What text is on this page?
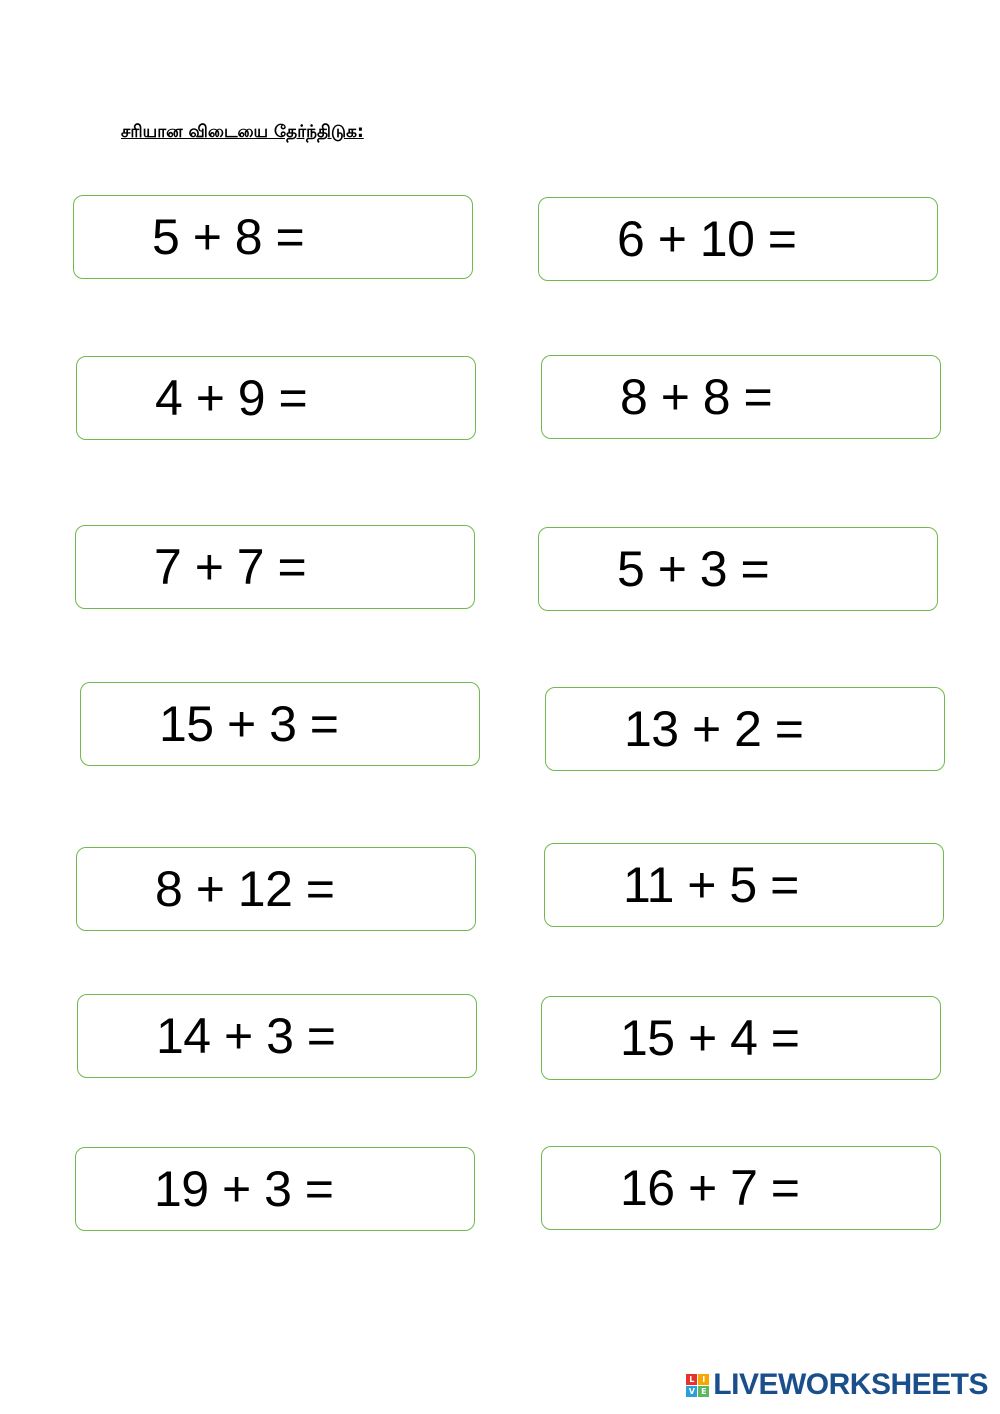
சரியான விடையை தேர்ந்திடுக:
5 + 8 =	6 + 10 =
4 + 9 =	8 + 8 =
7 + 7 =	5 + 3 =
15 + 3 =	13 + 2 =
8 + 12 =	11 + 5 =
14 + 3 =	15 + 4 =
19 + 3 =	16 + 7 =
L I
V E LIVEWORKSHEETS
